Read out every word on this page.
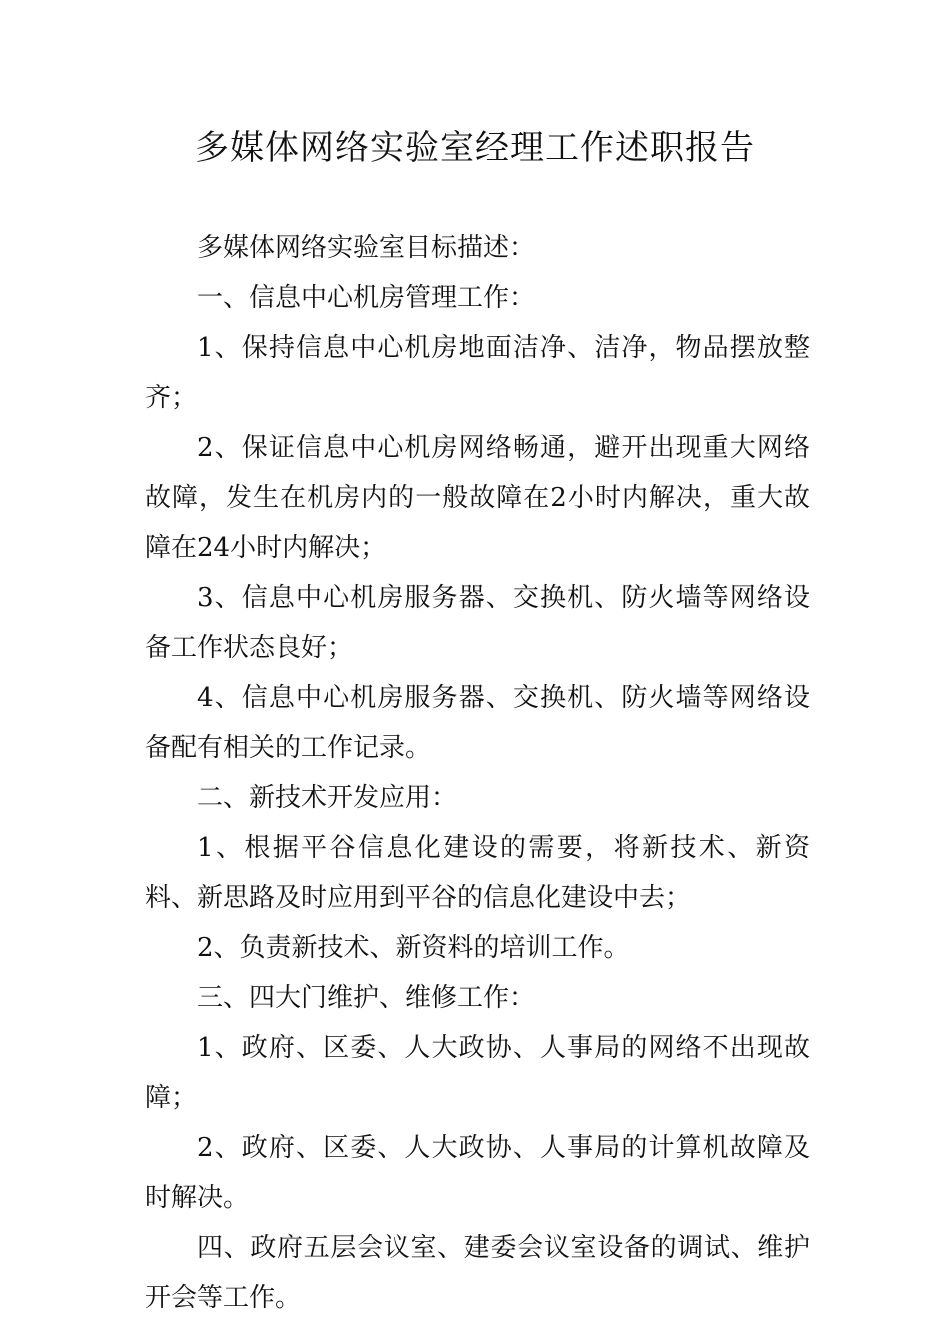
多媒体网络实验室经理工作述职报告

多媒体网络实验室目标描述：

一、信息中心机房管理工作：

1、保持信息中心机房地面洁净、洁净，物品摆放整齐；

2、保证信息中心机房网络畅通，避开出现重大网络故障，发生在机房内的一般故障在2小时内解决，重大故障在24小时内解决；

3、信息中心机房服务器、交换机、防火墙等网络设备工作状态良好；

4、信息中心机房服务器、交换机、防火墙等网络设备配有相关的工作记录。

二、新技术开发应用：

1、根据平谷信息化建设的需要，将新技术、新资料、新思路及时应用到平谷的信息化建设中去；

2、负责新技术、新资料的培训工作。

三、四大门维护、维修工作：

1、政府、区委、人大政协、人事局的网络不出现故障；

2、政府、区委、人大政协、人事局的计算机故障及时解决。

四、政府五层会议室、建委会议室设备的调试、维护开会等工作。
